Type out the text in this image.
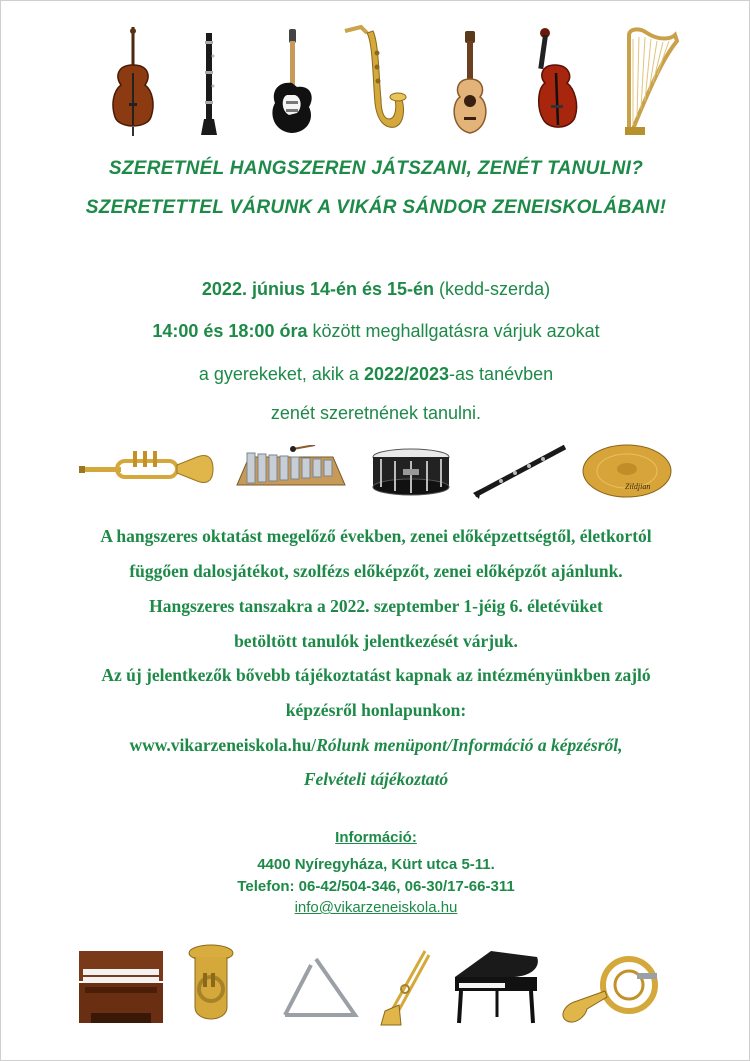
SZERETNÉL HANGSZEREN JÁTSZANI, ZENÉT TANULNI?
SZERETETTEL VÁRUNK A VIKÁR SÁNDOR ZENEISKOLÁBAN!
2022. június 14-én és 15-én (kedd-szerda)
14:00 és 18:00 óra között meghallgatásra várjuk azokat
a gyerekeket, akik a 2022/2023-as tanévben
zenét szeretnének tanulni.
Zildjian
A hangszeres oktatást megelőző években, zenei előképzettségtől, életkortól
függően dalosjátékot, szolfézs előképzőt, zenei előképzőt ajánlunk.
Hangszeres tanszakra a 2022. szeptember 1-jéig 6. életévüket
betöltött tanulók jelentkezését várjuk.
Az új jelentkezők bővebb tájékoztatást kapnak az intézményünkben zajló
képzésről honlapunkon:
www.vikarzeneiskola.hu/Rólunk menüpont/Információ a képzésről,
Felvételi tájékoztató
Információ:
4400 Nyíregyháza, Kürt utca 5-11.
Telefon: 06-42/504-346, 06-30/17-66-311
info@vikarzeneiskola.hu
